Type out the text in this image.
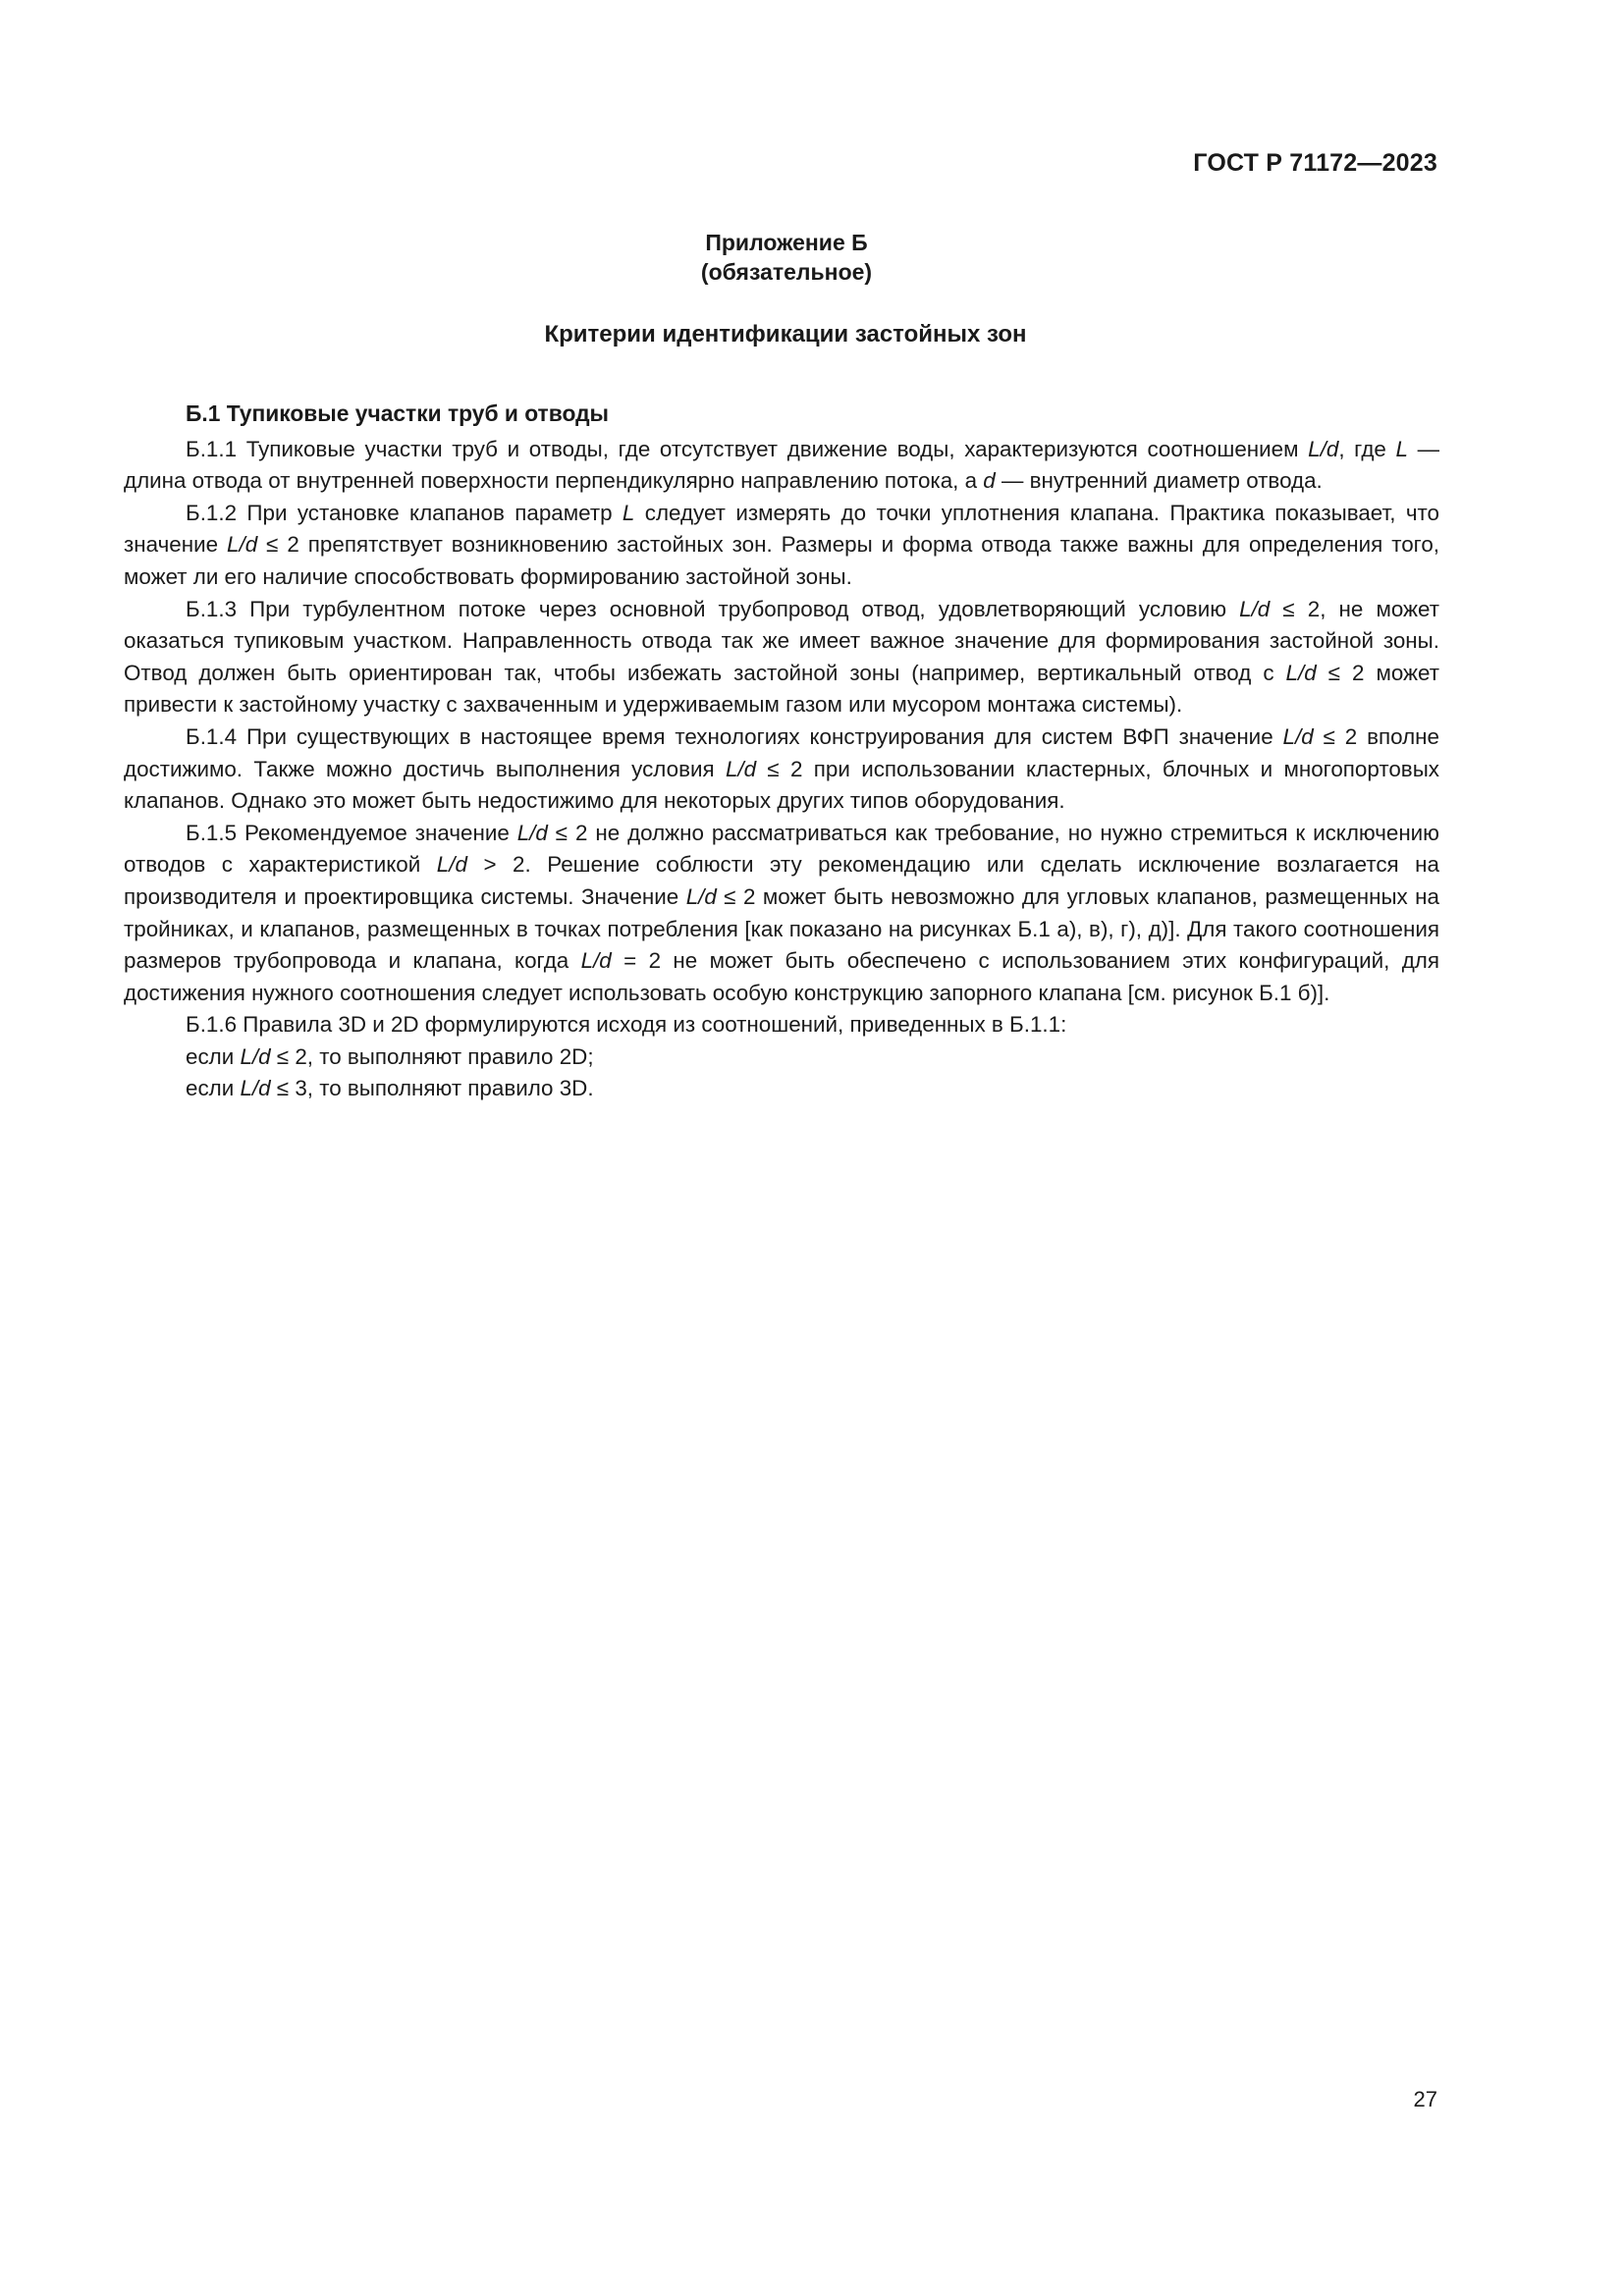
ГОСТ Р 71172—2023
Приложение Б
(обязательное)
Критерии идентификации застойных зон
Б.1 Тупиковые участки труб и отводы

Б.1.1 Тупиковые участки труб и отводы, где отсутствует движение воды, характеризуются соотношением L/d, где L — длина отвода от внутренней поверхности перпендикулярно направлению потока, а d — внутренний диаметр отвода.

Б.1.2 При установке клапанов параметр L следует измерять до точки уплотнения клапана. Практика показывает, что значение L/d ≤ 2 препятствует возникновению застойных зон. Размеры и форма отвода также важны для определения того, может ли его наличие способствовать формированию застойной зоны.

Б.1.3 При турбулентном потоке через основной трубопровод отвод, удовлетворяющий условию L/d ≤ 2, не может оказаться тупиковым участком. Направленность отвода так же имеет важное значение для формирования застойной зоны. Отвод должен быть ориентирован так, чтобы избежать застойной зоны (например, вертикальный отвод с L/d ≤ 2 может привести к застойному участку с захваченным и удерживаемым газом или мусором монтажа системы).

Б.1.4 При существующих в настоящее время технологиях конструирования для систем ВФП значение L/d ≤ 2 вполне достижимо. Также можно достичь выполнения условия L/d ≤ 2 при использовании кластерных, блочных и многопортовых клапанов. Однако это может быть недостижимо для некоторых других типов оборудования.

Б.1.5 Рекомендуемое значение L/d ≤ 2 не должно рассматриваться как требование, но нужно стремиться к исключению отводов с характеристикой L/d > 2. Решение соблюсти эту рекомендацию или сделать исключение возлагается на производителя и проектировщика системы. Значение L/d ≤ 2 может быть невозможно для угловых клапанов, размещенных на тройниках, и клапанов, размещенных в точках потребления [как показано на рисунках Б.1 а), в), г), д)]. Для такого соотношения размеров трубопровода и клапана, когда L/d = 2 не может быть обеспечено с использованием этих конфигураций, для достижения нужного соотношения следует использовать особую конструкцию запорного клапана [см. рисунок Б.1 б)].

Б.1.6 Правила 3D и 2D формулируются исходя из соотношений, приведенных в Б.1.1:

если L/d ≤ 2, то выполняют правило 2D;
если L/d ≤ 3, то выполняют правило 3D.
27
